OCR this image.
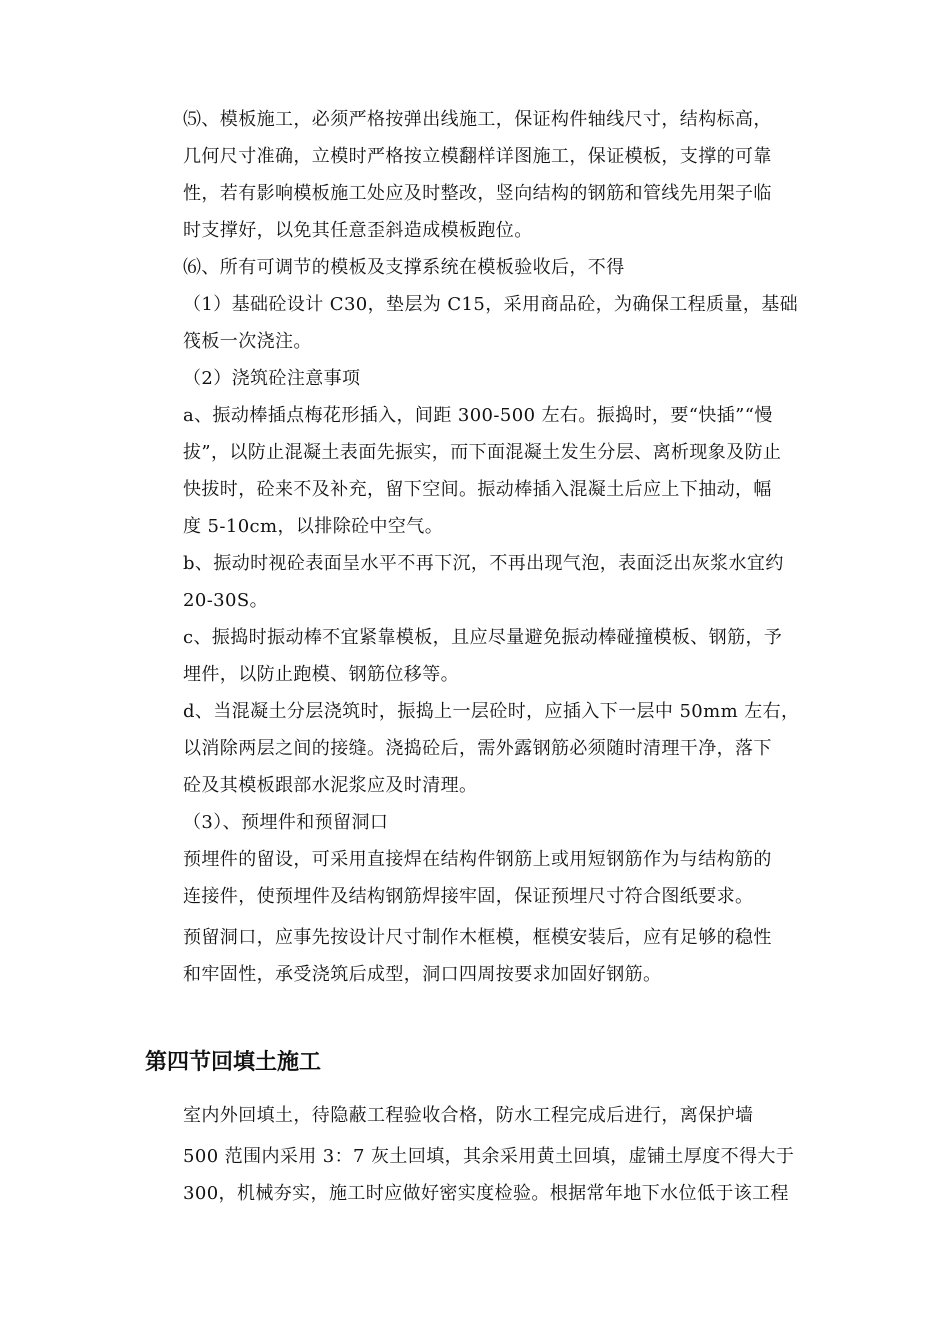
⑸、模板施工，必须严格按弹出线施工，保证构件轴线尺寸，结构标高，
几何尺寸准确，立模时严格按立模翻样详图施工，保证模板，支撑的可靠
性，若有影响模板施工处应及时整改，竖向结构的钢筋和管线先用架子临
时支撑好，以免其任意歪斜造成模板跑位。
⑹、所有可调节的模板及支撑系统在模板验收后，不得
（1）基础砼设计 C30，垫层为 C15，采用商品砼，为确保工程质量，基础
筏板一次浇注。
（2）浇筑砼注意事项
a、振动棒插点梅花形插入，间距 300-500 左右。振捣时，要“快插”“慢
拔”，以防止混凝土表面先振实，而下面混凝土发生分层、离析现象及防止
快拔时，砼来不及补充，留下空间。振动棒插入混凝土后应上下抽动，幅
度 5-10cm，以排除砼中空气。
b、振动时视砼表面呈水平不再下沉，不再出现气泡，表面泛出灰浆水宜约
20-30S。
c、振捣时振动棒不宜紧靠模板，且应尽量避免振动棒碰撞模板、钢筋，予
埋件，以防止跑模、钢筋位移等。
d、当混凝土分层浇筑时，振捣上一层砼时，应插入下一层中 50mm 左右，
以消除两层之间的接缝。浇捣砼后，需外露钢筋必须随时清理干净，落下
砼及其模板跟部水泥浆应及时清理。
（3）、预埋件和预留洞口
预埋件的留设，可采用直接焊在结构件钢筋上或用短钢筋作为与结构筋的
连接件，使预埋件及结构钢筋焊接牢固，保证预埋尺寸符合图纸要求。
预留洞口，应事先按设计尺寸制作木框模，框模安装后，应有足够的稳性
和牢固性，承受浇筑后成型，洞口四周按要求加固好钢筋。
第四节回填土施工
室内外回填土，待隐蔽工程验收合格，防水工程完成后进行，离保护墙
500 范围内采用 3：7 灰土回填，其余采用黄土回填，虚铺土厚度不得大于
300，机械夯实，施工时应做好密实度检验。根据常年地下水位低于该工程
